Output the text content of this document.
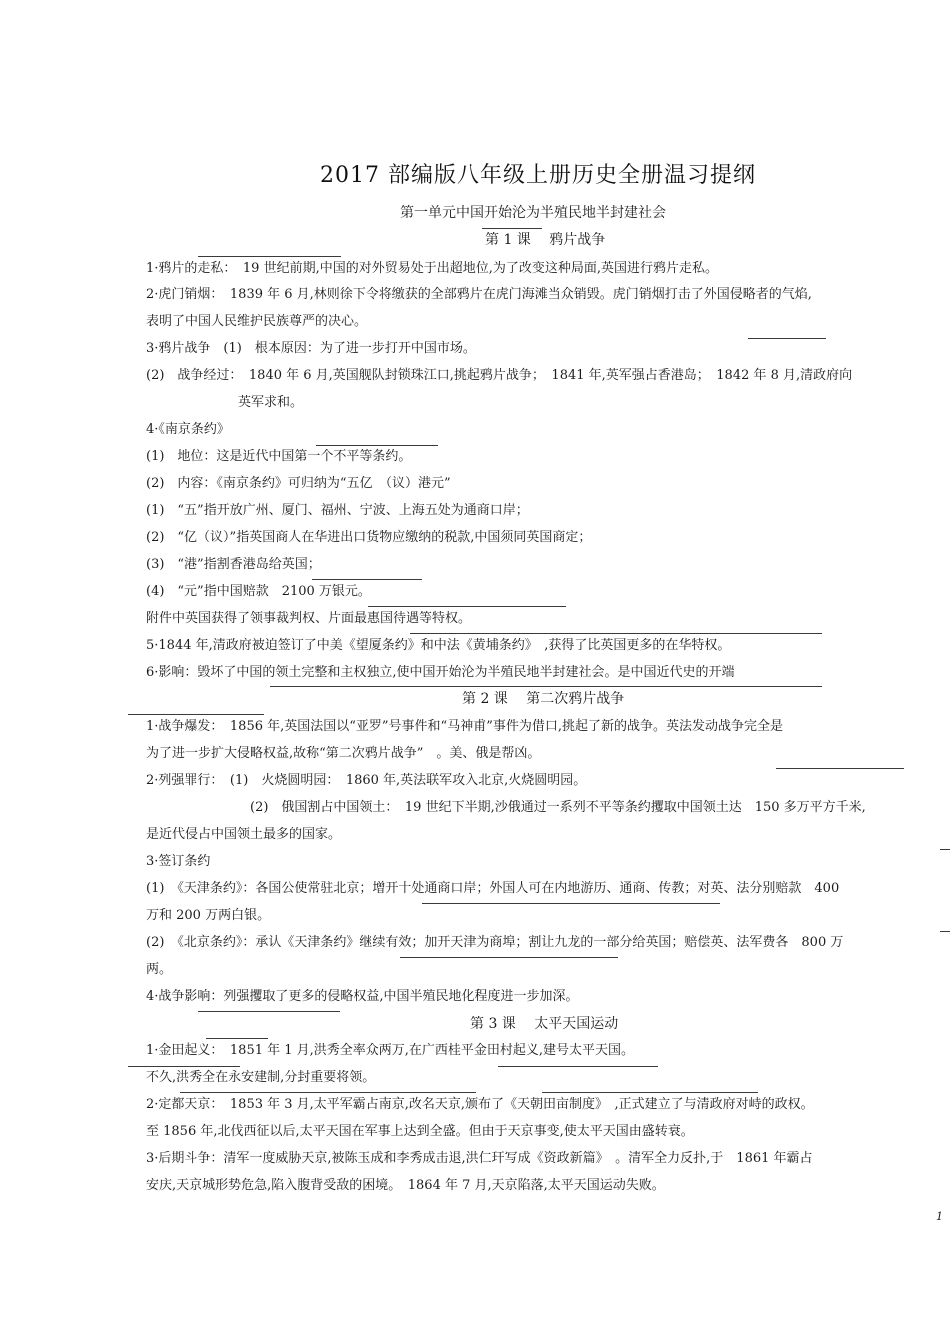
2017 部编版八年级上册历史全册温习提纲
第一单元中国开始沦为半殖民地半封建社会
第 1 课　 鸦片战争
1·鸦片的走私：　19 世纪前期,中国的对外贸易处于出超地位,为了改变这种局面,英国进行鸦片走私。
2·虎门销烟：　1839 年 6 月,林则徐下令将缴获的全部鸦片在虎门海滩当众销毁。虎门销烟打击了外国侵略者的气焰,
表明了中国人民维护民族尊严的决心。
3·鸦片战争　(1)　根本原因：为了进一步打开中国市场。
(2)　战争经过：　1840 年 6 月,英国舰队封锁珠江口,挑起鸦片战争；　1841 年,英军强占香港岛；　1842 年 8 月,清政府向
英军求和。
4·《南京条约》
(1)　地位：这是近代中国第一个不平等条约。
(2)　内容：《南京条约》可归纳为“五亿　（议）港元”
(1)　“五”指开放广州、厦门、福州、宁波、上海五处为通商口岸；
(2)　“亿（议）”指英国商人在华进出口货物应缴纳的税款,中国须同英国商定；
(3)　“港”指割香港岛给英国；
(4)　“元”指中国赔款　2100 万银元。
附件中英国获得了领事裁判权、片面最惠国待遇等特权。
5·1844 年,清政府被迫签订了中美《望厦条约》和中法《黄埔条约》　,获得了比英国更多的在华特权。
6·影响：毁坏了中国的领土完整和主权独立,使中国开始沦为半殖民地半封建社会。是中国近代史的开端
第 2 课　 第二次鸦片战争
1·战争爆发：　1856 年,英国法国以“亚罗”号事件和“马神甫”事件为借口,挑起了新的战争。英法发动战争完全是
为了进一步扩大侵略权益,故称“第二次鸦片战争”　。美、俄是帮凶。
2·列强罪行：　(1)　火烧圆明园：　1860 年,英法联军攻入北京,火烧圆明园。
(2)　俄国割占中国领土：　19 世纪下半期,沙俄通过一系列不平等条约攫取中国领土达　150 多万平方千米,
是近代侵占中国领土最多的国家。
3·签订条约
(1)　《天津条约》：各国公使常驻北京；增开十处通商口岸；外国人可在内地游历、通商、传教；对英、法分别赔款　400
万和 200 万两白银。
(2)　《北京条约》：承认《天津条约》继续有效；加开天津为商埠；割让九龙的一部分给英国；赔偿英、法军费各　800 万
两。
4·战争影响：列强攫取了更多的侵略权益,中国半殖民地化程度进一步加深。
第 3 课　 太平天国运动
1·金田起义：　1851 年 1 月,洪秀全率众两万,在广西桂平金田村起义,建号太平天国。
不久,洪秀全在永安建制,分封重要将领。
2·定都天京：　1853 年 3 月,太平军霸占南京,改名天京,颁布了《天朝田亩制度》　,正式建立了与清政府对峙的政权。
至 1856 年,北伐西征以后,太平天国在军事上达到全盛。但由于天京事变,使太平天国由盛转衰。
3·后期斗争：清军一度威胁天京,被陈玉成和李秀成击退,洪仁玕写成《资政新篇》　。清军全力反扑,于　1861 年霸占
安庆,天京城形势危急,陷入腹背受敌的困境。　1864 年 7 月,天京陷落,太平天国运动失败。
1
